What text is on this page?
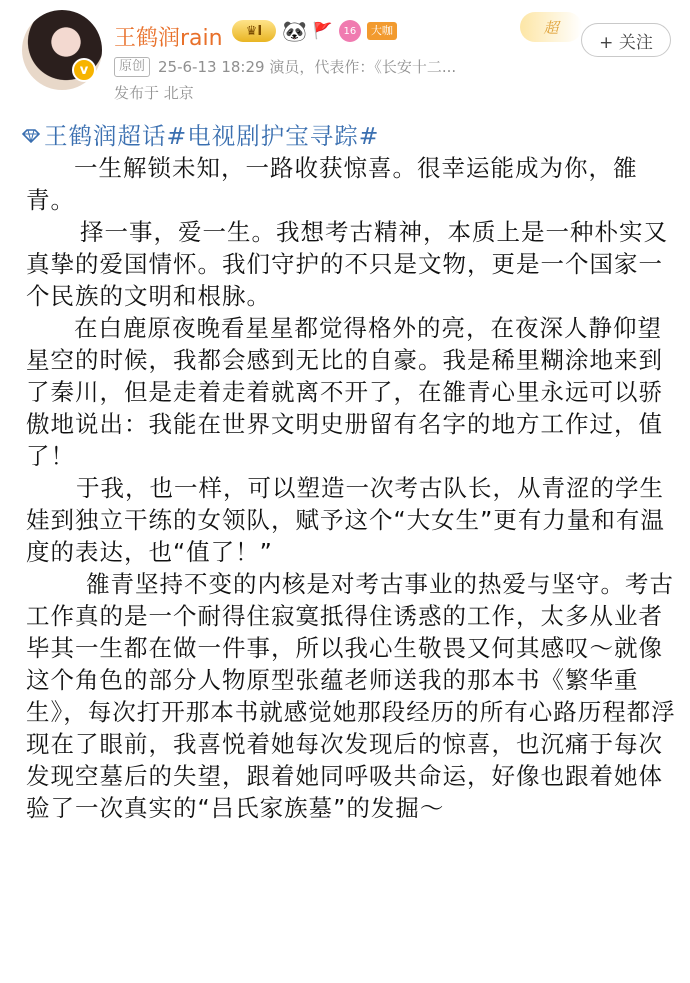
v
王鹤润rain	♛ I 🐼 🚩	16	大咖	超
+ 关注
原创 25-6-13 18:29 演员，代表作：《长安十二...
发布于 北京
王鹤润超话#电视剧护宝寻踪#

一生解锁未知，一路收获惊喜。很幸运能成为你，雒青。

择一事，爱一生。我想考古精神，本质上是一种朴实又真挚的爱国情怀。我们守护的不只是文物，更是一个国家一个民族的文明和根脉。

在白鹿原夜晚看星星都觉得格外的亮，在夜深人静仰望星空的时候，我都会感到无比的自豪。我是稀里糊涂地来到了秦川，但是走着走着就离不开了，在雒青心里永远可以骄傲地说出：我能在世界文明史册留有名字的地方工作过，值了！

于我，也一样，可以塑造一次考古队长，从青涩的学生娃到独立干练的女领队，赋予这个“大女生”更有力量和有温度的表达，也“值了！”

雒青坚持不变的内核是对考古事业的热爱与坚守。考古工作真的是一个耐得住寂寞抵得住诱惑的工作，太多从业者毕其一生都在做一件事，所以我心生敬畏又何其感叹～就像这个角色的部分人物原型张蕴老师送我的那本书《繁华重生》，每次打开那本书就感觉她那段经历的所有心路历程都浮现在了眼前，我喜悦着她每次发现后的惊喜，也沉痛于每次发现空墓后的失望，跟着她同呼吸共命运，好像也跟着她体验了一次真实的“吕氏家族墓”的发掘～
